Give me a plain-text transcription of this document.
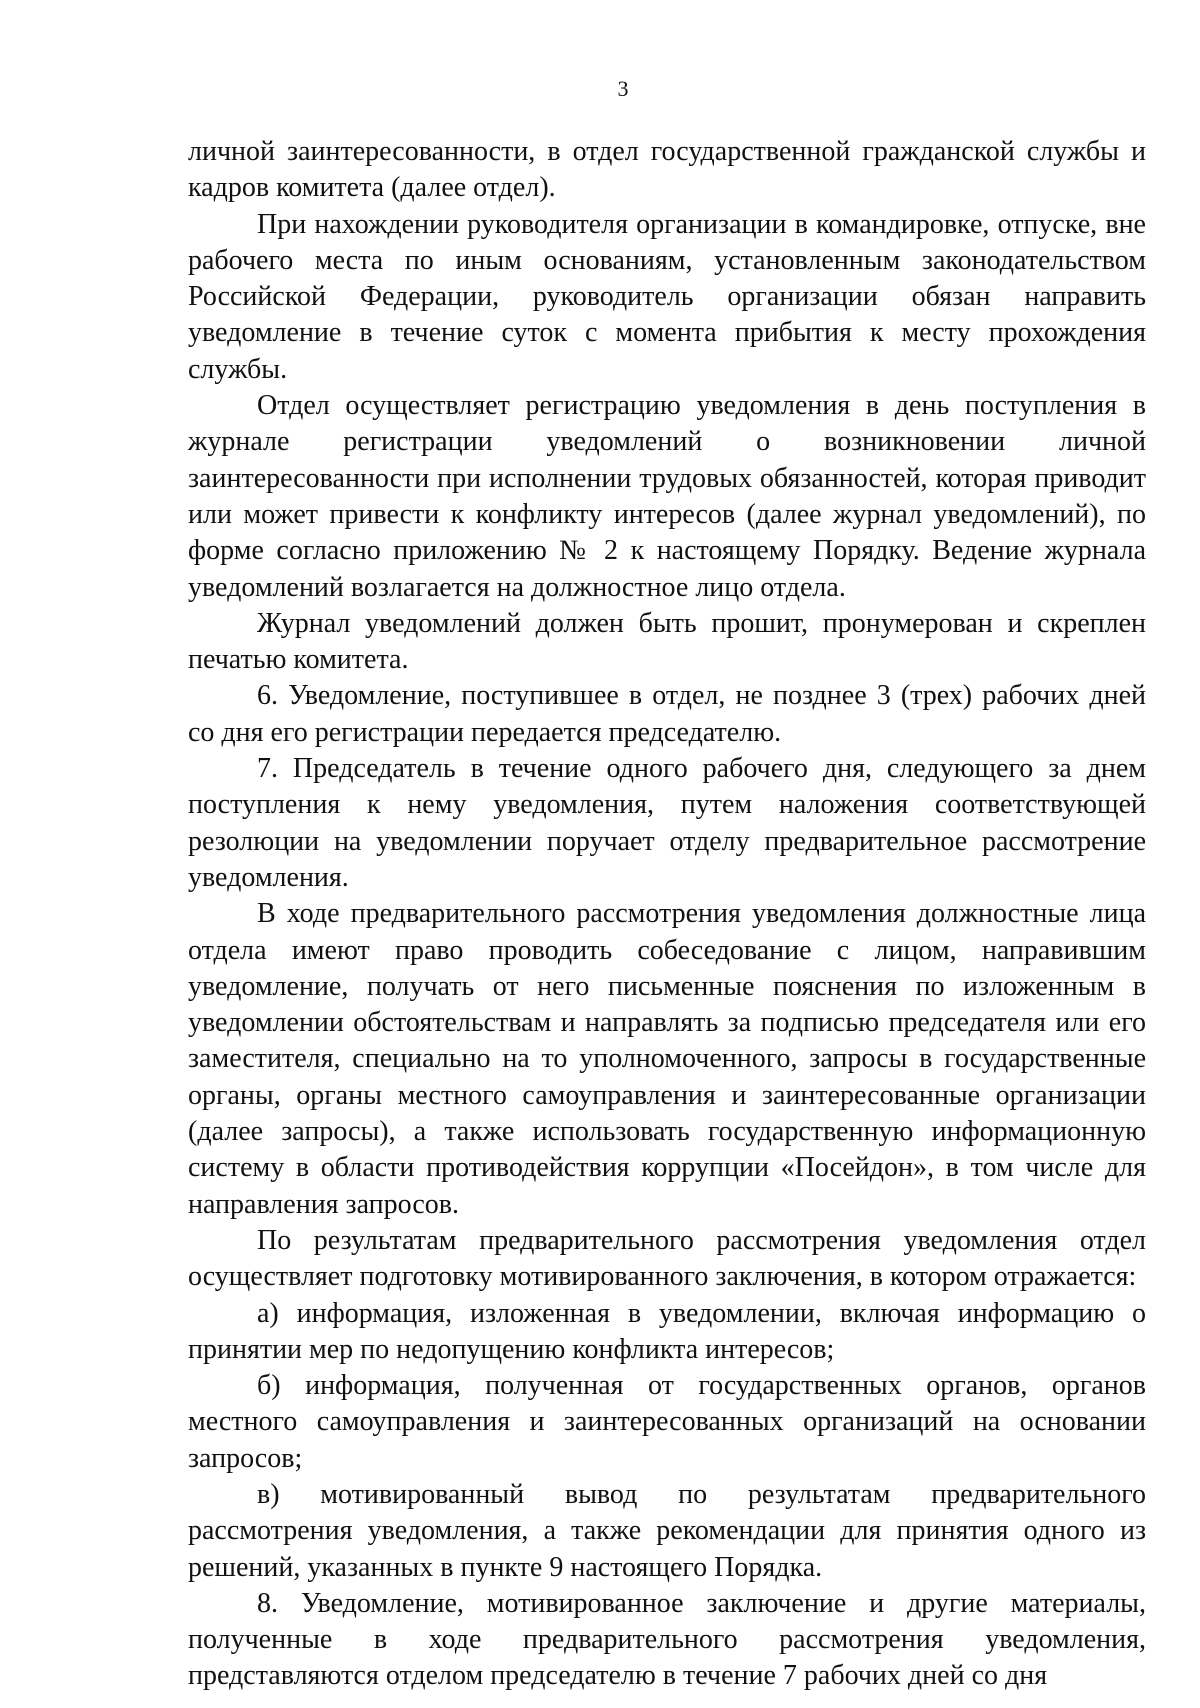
3

личной заинтересованности, в отдел государственной гражданской службы и кадров комитета (далее отдел).

При нахождении руководителя организации в командировке, отпуске, вне рабочего места по иным основаниям, установленным законодательством Российской Федерации, руководитель организации обязан направить уведомление в течение суток с момента прибытия к месту прохождения службы.

Отдел осуществляет регистрацию уведомления в день поступления в журнале регистрации уведомлений о возникновении личной заинтересованности при исполнении трудовых обязанностей, которая приводит или может привести к конфликту интересов (далее журнал уведомлений), по форме согласно приложению № 2 к настоящему Порядку. Ведение журнала уведомлений возлагается на должностное лицо отдела.

Журнал уведомлений должен быть прошит, пронумерован и скреплен печатью комитета.

6. Уведомление, поступившее в отдел, не позднее 3 (трех) рабочих дней со дня его регистрации передается председателю.

7. Председатель в течение одного рабочего дня, следующего за днем поступления к нему уведомления, путем наложения соответствующей резолюции на уведомлении поручает отделу предварительное рассмотрение уведомления.

В ходе предварительного рассмотрения уведомления должностные лица отдела имеют право проводить собеседование с лицом, направившим уведомление, получать от него письменные пояснения по изложенным в уведомлении обстоятельствам и направлять за подписью председателя или его заместителя, специально на то уполномоченного, запросы в государственные органы, органы местного самоуправления и заинтересованные организации (далее запросы), а также использовать государственную информационную систему в области противодействия коррупции «Посейдон», в том числе для направления запросов.

По результатам предварительного рассмотрения уведомления отдел осуществляет подготовку мотивированного заключения, в котором отражается:

а) информация, изложенная в уведомлении, включая информацию о принятии мер по недопущению конфликта интересов;

б) информация, полученная от государственных органов, органов местного самоуправления и заинтересованных организаций на основании запросов;

в) мотивированный вывод по результатам предварительного рассмотрения уведомления, а также рекомендации для принятия одного из решений, указанных в пункте 9 настоящего Порядка.

8. Уведомление, мотивированное заключение и другие материалы, полученные в ходе предварительного рассмотрения уведомления, представляются отделом председателю в течение 7 рабочих дней со дня
